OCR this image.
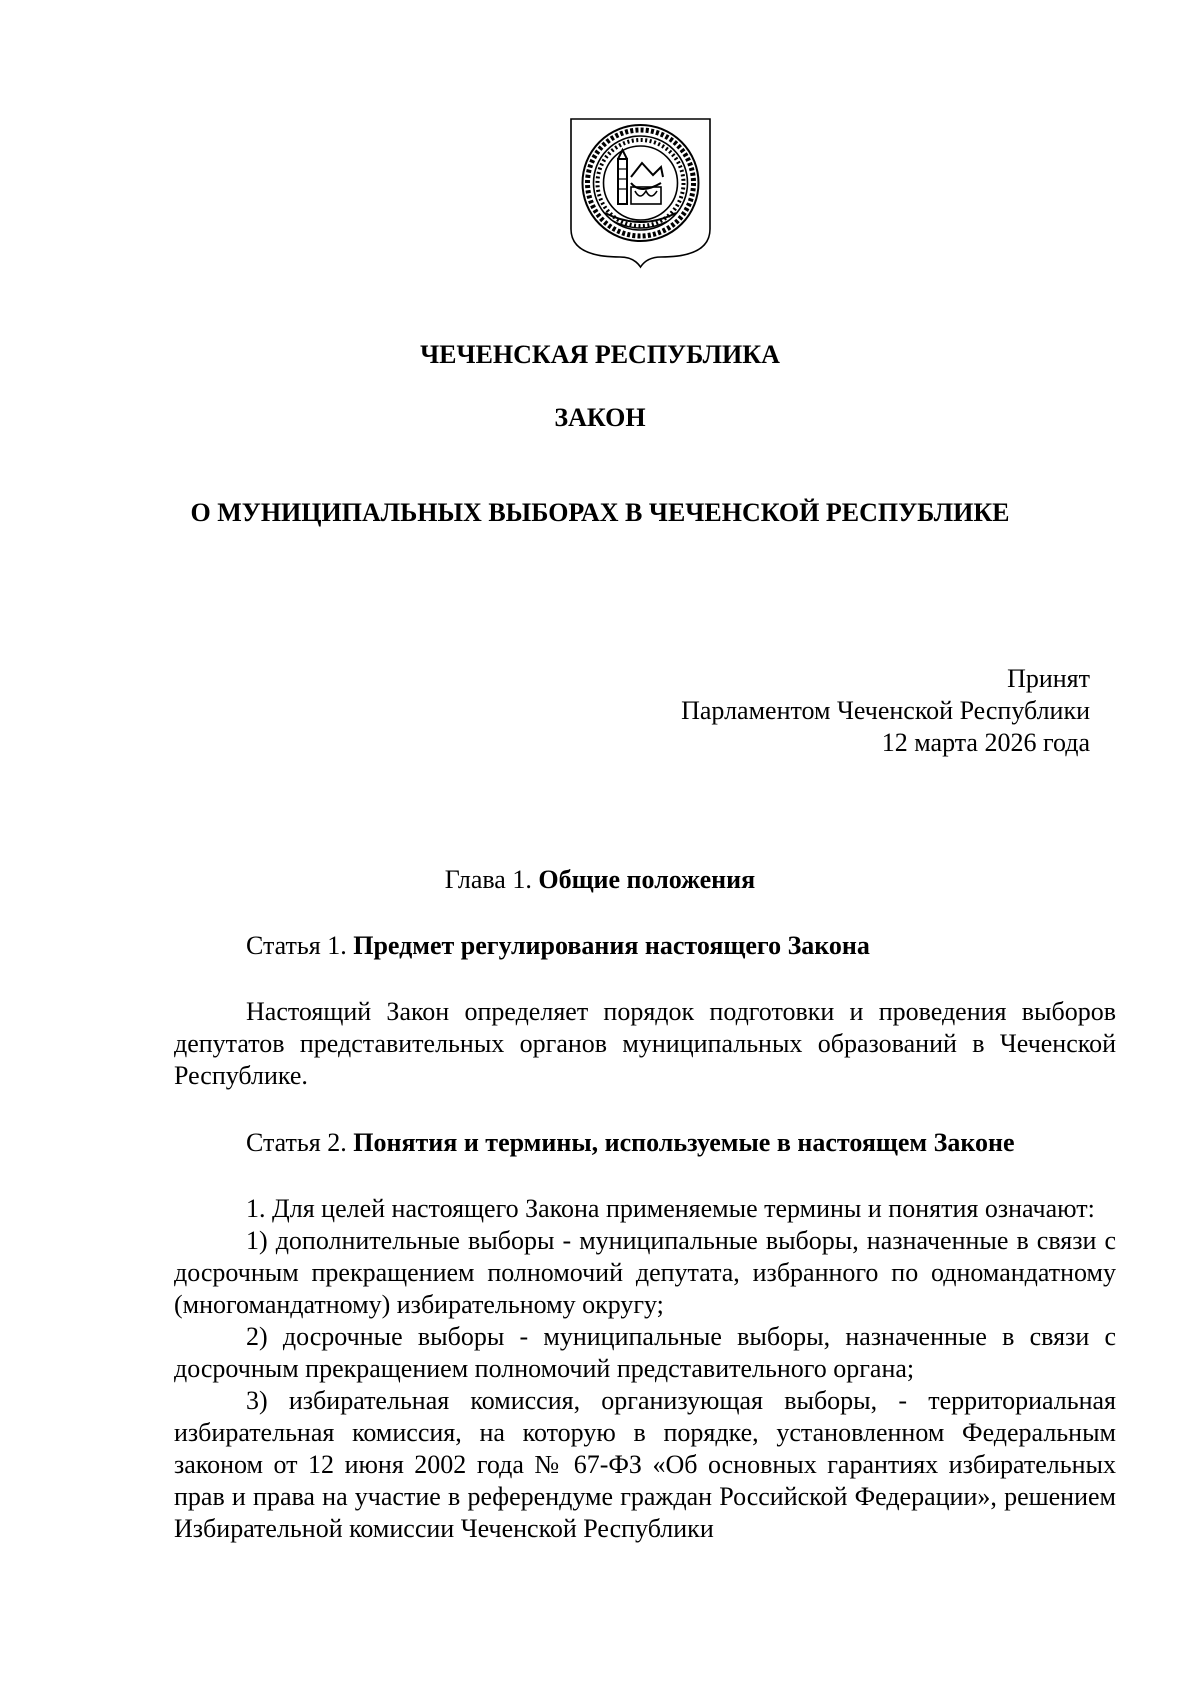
ЧЕЧЕНСКАЯ РЕСПУБЛИКА
ЗАКОН
О МУНИЦИПАЛЬНЫХ ВЫБОРАХ В ЧЕЧЕНСКОЙ РЕСПУБЛИКЕ
Принят
Парламентом Чеченской Республики
12 марта 2026 года
Глава 1. Общие положения
Статья 1. Предмет регулирования настоящего Закона

Настоящий Закон определяет порядок подготовки и проведения выборов депутатов представительных органов муниципальных образований в Чеченской Республике.

Статья 2. Понятия и термины, используемые в настоящем Законе

1. Для целей настоящего Закона применяемые термины и понятия означают:

1) дополнительные выборы - муниципальные выборы, назначенные в связи с досрочным прекращением полномочий депутата, избранного по одномандатному (многомандатному) избирательному округу;

2) досрочные выборы - муниципальные выборы, назначенные в связи с досрочным прекращением полномочий представительного органа;

3) избирательная комиссия, организующая выборы, - территориальная избирательная комиссия, на которую в порядке, установленном Федеральным законом от 12 июня 2002 года № 67-ФЗ «Об основных гарантиях избирательных прав и права на участие в референдуме граждан Российской Федерации», решением Избирательной комиссии Чеченской Республики
